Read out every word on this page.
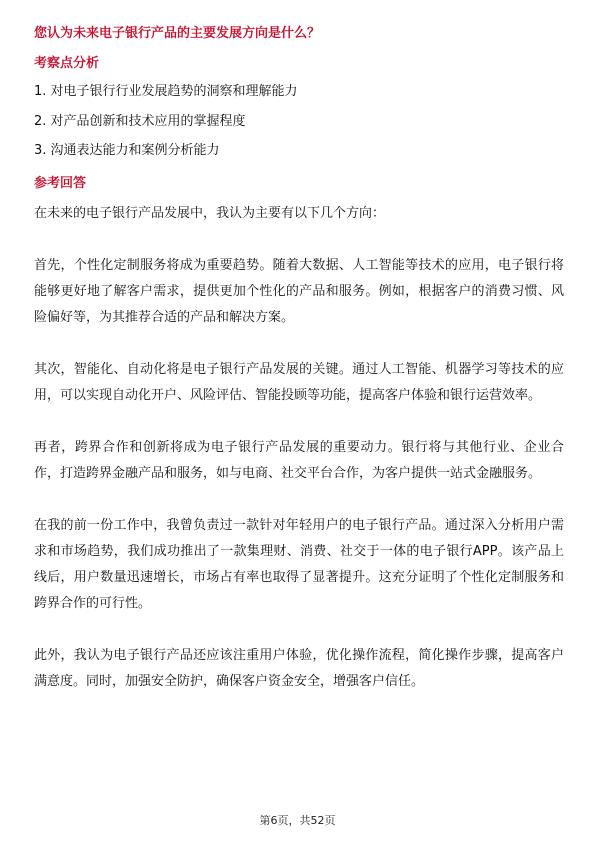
您认为未来电子银行产品的主要发展方向是什么？
考察点分析
1. 对电子银行行业发展趋势的洞察和理解能力
2. 对产品创新和技术应用的掌握程度
3. 沟通表达能力和案例分析能力
参考回答

在未来的电子银行产品发展中，我认为主要有以下几个方向：

首先，个性化定制服务将成为重要趋势。随着大数据、人工智能等技术的应用，电子银行将能够更好地了解客户需求，提供更加个性化的产品和服务。例如，根据客户的消费习惯、风险偏好等，为其推荐合适的产品和解决方案。

其次，智能化、自动化将是电子银行产品发展的关键。通过人工智能、机器学习等技术的应用，可以实现自动化开户、风险评估、智能投顾等功能，提高客户体验和银行运营效率。

再者，跨界合作和创新将成为电子银行产品发展的重要动力。银行将与其他行业、企业合作，打造跨界金融产品和服务，如与电商、社交平台合作，为客户提供一站式金融服务。

在我的前一份工作中，我曾负责过一款针对年轻用户的电子银行产品。通过深入分析用户需求和市场趋势，我们成功推出了一款集理财、消费、社交于一体的电子银行APP。该产品上线后，用户数量迅速增长，市场占有率也取得了显著提升。这充分证明了个性化定制服务和跨界合作的可行性。

此外，我认为电子银行产品还应该注重用户体验，优化操作流程，简化操作步骤，提高客户满意度。同时，加强安全防护，确保客户资金安全，增强客户信任。

第6页，共52页
